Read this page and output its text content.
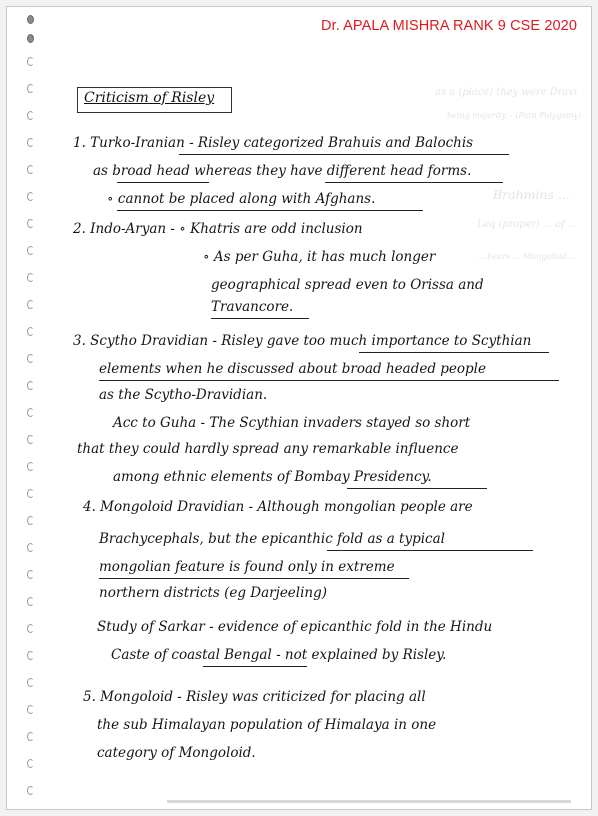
as a (place) they were Dravi
being majority, - (Para Polygamy)
Brahmins ...
Leq (proper) ... of ...
... bears ... Mongoloid ...
Dr. APALA MISHRA RANK 9 CSE 2020
Criticism of Risley
1. Turko-Iranian - Risley categorized Brahuis and Balochis
as broad head whereas they have different head forms.
∘ cannot be placed along with Afghans.
2. Indo-Aryan - ∘ Khatris are odd inclusion
∘ As per Guha, it has much longer
geographical spread even to Orissa and
Travancore.
3. Scytho Dravidian - Risley gave too much importance to Scythian
elements when he discussed about broad headed people
as the Scytho-Dravidian.
Acc to Guha - The Scythian invaders stayed so short
that they could hardly spread any remarkable influence
among ethnic elements of Bombay Presidency.
4. Mongoloid Dravidian - Although mongolian people are
Brachycephals, but the epicanthic fold as a typical
mongolian feature is found only in extreme
northern districts (eg Darjeeling)
Study of Sarkar - evidence of epicanthic fold in the Hindu
Caste of coastal Bengal - not explained by Risley.
5. Mongoloid - Risley was criticized for placing all
the sub Himalayan population of Himalaya in one
category of Mongoloid.
